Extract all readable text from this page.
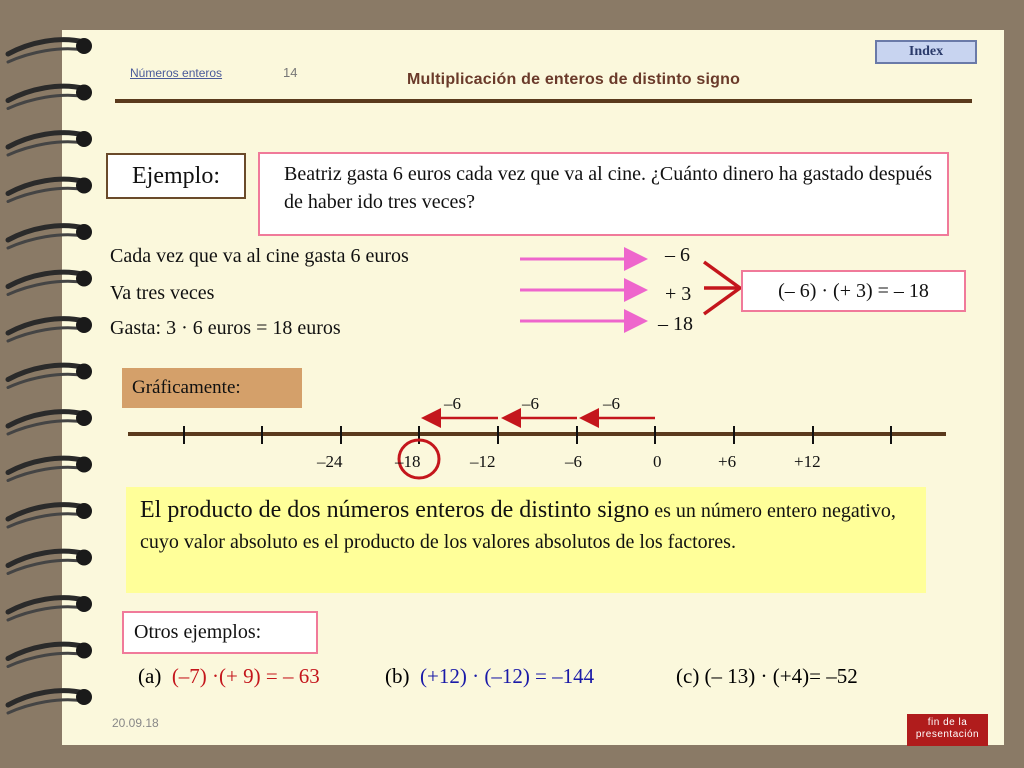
Números enteros	14	Multiplicación de enteros de distinto signo
Index
Ejemplo:	Beatriz gasta 6 euros cada vez que va al cine. ¿Cuánto dinero ha gastado después de haber ido tres veces?
Cada vez que va al cine gasta 6 euros
Va tres veces
Gasta: 3 · 6 euros = 18 euros
– 6
+ 3
– 18
(– 6) · (+ 3) = – 18
Gráficamente:
–6	–6	–6
–24	–18	–12	–6	0	+6	+12
El producto de dos números enteros de distinto signo es un número entero negativo, cuyo valor absoluto es el producto de los valores absolutos de los factores.
Otros ejemplos:
(a) (–7) ·(+ 9) = – 63	(b) (+12) · (–12) = –144	(c) (– 13) · (+4)= –52
20.09.18	fin de la
presentación
